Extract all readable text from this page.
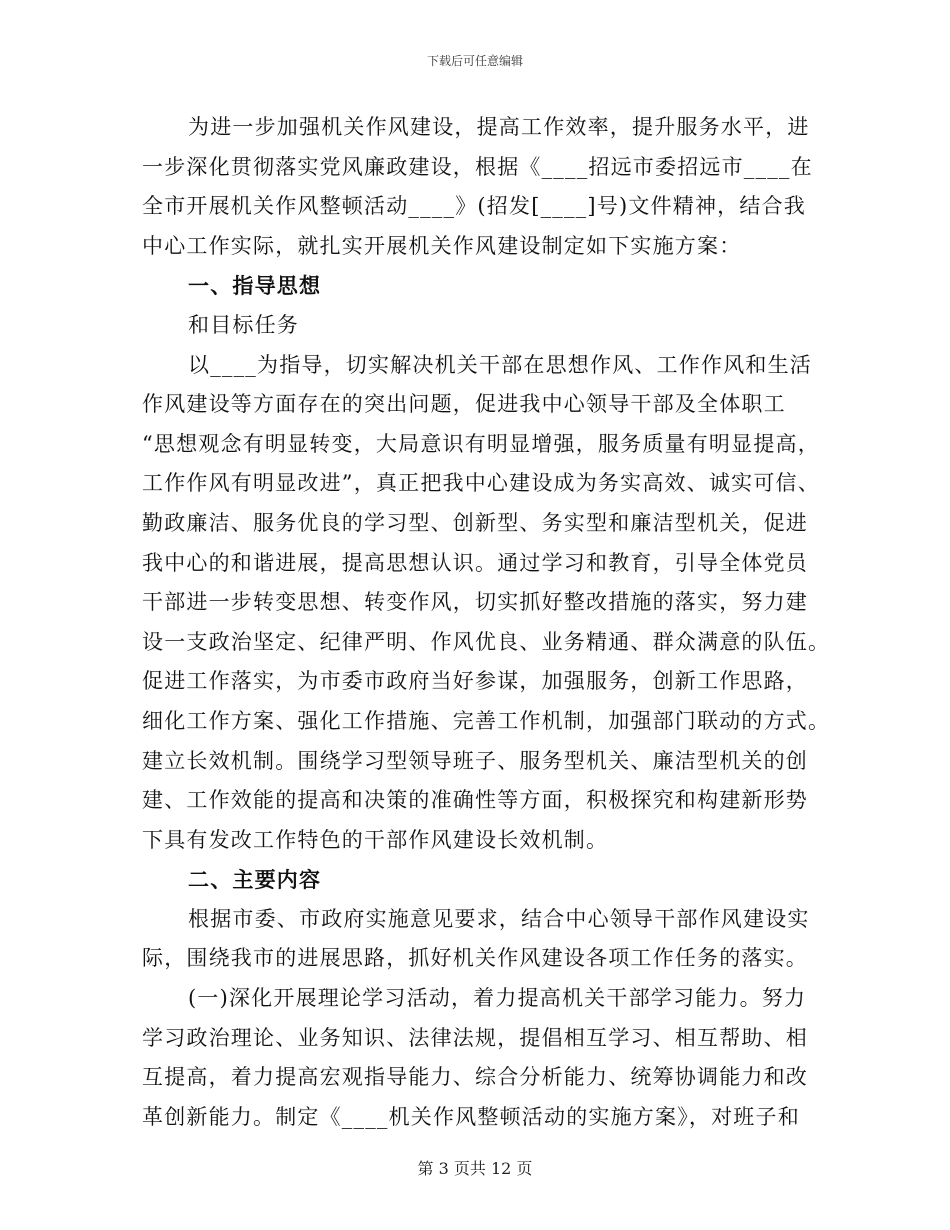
下载后可任意编辑
为进一步加强机关作风建设，提高工作效率，提升服务水平，进
一步深化贯彻落实党风廉政建设，根据《____招远市委招远市____在
全市开展机关作风整顿活动____》(招发[____]号)文件精神，结合我
中心工作实际，就扎实开展机关作风建设制定如下实施方案：
一、指导思想
和目标任务
以____为指导，切实解决机关干部在思想作风、工作作风和生活
作风建设等方面存在的突出问题，促进我中心领导干部及全体职工
“思想观念有明显转变，大局意识有明显增强，服务质量有明显提高，
工作作风有明显改进”，真正把我中心建设成为务实高效、诚实可信、
勤政廉洁、服务优良的学习型、创新型、务实型和廉洁型机关，促进
我中心的和谐进展，提高思想认识。通过学习和教育，引导全体党员
干部进一步转变思想、转变作风，切实抓好整改措施的落实，努力建
设一支政治坚定、纪律严明、作风优良、业务精通、群众满意的队伍。
促进工作落实，为市委市政府当好参谋，加强服务，创新工作思路，
细化工作方案、强化工作措施、完善工作机制，加强部门联动的方式。
建立长效机制。围绕学习型领导班子、服务型机关、廉洁型机关的创
建、工作效能的提高和决策的准确性等方面，积极探究和构建新形势
下具有发改工作特色的干部作风建设长效机制。
二、主要内容
根据市委、市政府实施意见要求，结合中心领导干部作风建设实
际，围绕我市的进展思路，抓好机关作风建设各项工作任务的落实。
(一)深化开展理论学习活动，着力提高机关干部学习能力。努力
学习政治理论、业务知识、法律法规，提倡相互学习、相互帮助、相
互提高，着力提高宏观指导能力、综合分析能力、统筹协调能力和改
革创新能力。制定《____机关作风整顿活动的实施方案》，对班子和
第 3 页共 12 页
